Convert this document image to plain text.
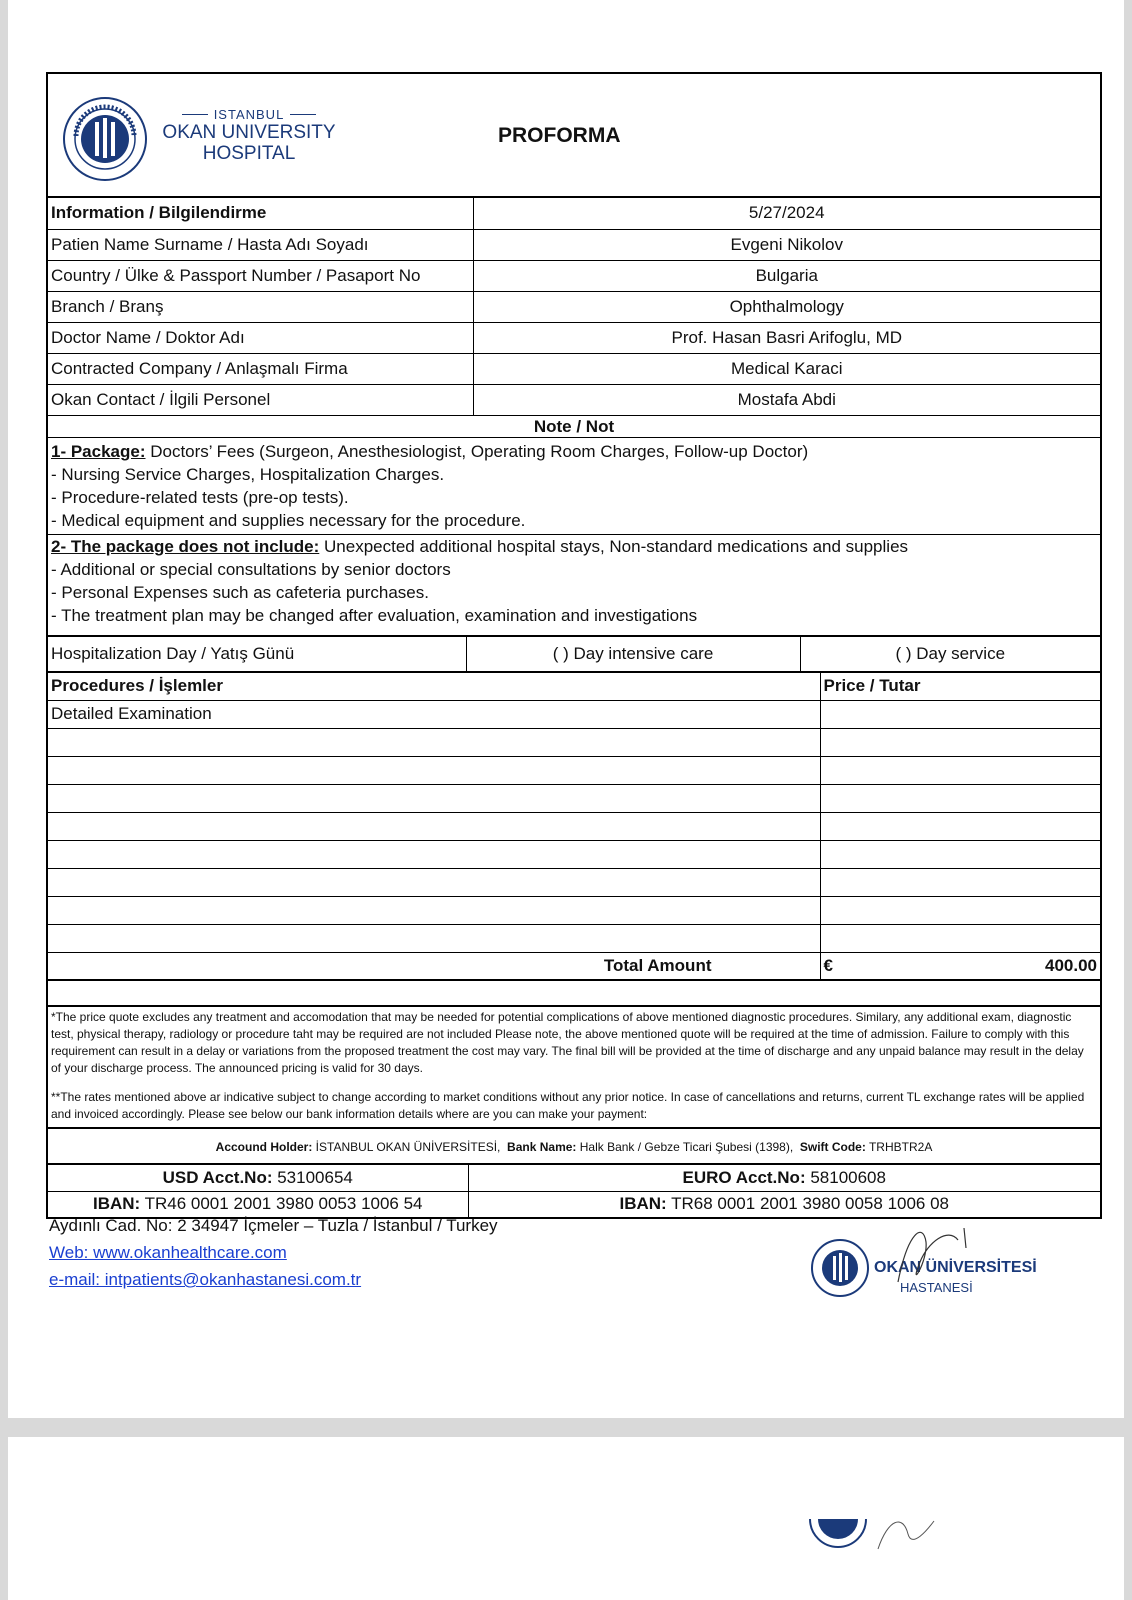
ISTANBUL
OKAN UNIVERSITY
HOSPITAL
PROFORMA
Information / Bilgilendirme	5/27/2024
Patien Name Surname / Hasta Adı Soyadı	Evgeni Nikolov
Country / Ülke & Passport Number / Pasaport No	Bulgaria
Branch / Branş	Ophthalmology
Doctor Name / Doktor Adı	Prof. Hasan Basri Arifoglu, MD
Contracted Company / Anlaşmalı Firma	Medical Karaci
Okan Contact / İlgili Personel	Mostafa Abdi
Note / Not

1- Package: Doctors’ Fees (Surgeon, Anesthesiologist, Operating Room Charges, Follow-up Doctor)

- Nursing Service Charges, Hospitalization Charges.

- Procedure-related tests (pre-op tests).

- Medical equipment and supplies necessary for the procedure.

2- The package does not include: Unexpected additional hospital stays, Non-standard medications and supplies

- Additional or special consultations by senior doctors

- Personal Expenses such as cafeteria purchases.

- The treatment plan may be changed after evaluation, examination and investigations

Hospitalization Day / Yatış Günü	( ) Day intensive care	( ) Day service
Procedures / İşlemler	Price / Tutar
Detailed Examination	

Total Amount	€ 400.00

*The price quote excludes any treatment and accomodation that may be needed for potential complications of above mentioned diagnostic procedures. Similary, any additional exam, diagnostic test, physical therapy, radiology or procedure taht may be required are not included Please note, the above mentioned quote will be required at the time of admission. Failure to comply with this requirement can result in a delay or variations from the proposed treatment the cost may vary. The final bill will be provided at the time of discharge and any unpaid balance may result in the delay of your discharge process. The announced pricing is valid for 30 days.

**The rates mentioned above ar indicative subject to change according to market conditions without any prior notice. In case of cancellations and returns, current TL exchange rates will be applied and invoiced accordingly. Please see below our bank information details where are you can make your payment:

Accound Holder: İSTANBUL OKAN ÜNİVERSİTESİ, Bank Name: Halk Bank / Gebze Ticari Şubesi (1398), Swift Code: TRHBTR2A
USD Acct.No: 53100654	EURO Acct.No: 58100608
IBAN: TR46 0001 2001 3980 0053 1006 54	IBAN: TR68 0001 2001 3980 0058 1006 08
Aydınlı Cad. No: 2 34947 İçmeler – Tuzla / İstanbul / Turkey
Web: www.okanhealthcare.com
e-mail: intpatients@okanhastanesi.com.tr
OKAN ÜNİVERSİTESİ
HASTANESİ
